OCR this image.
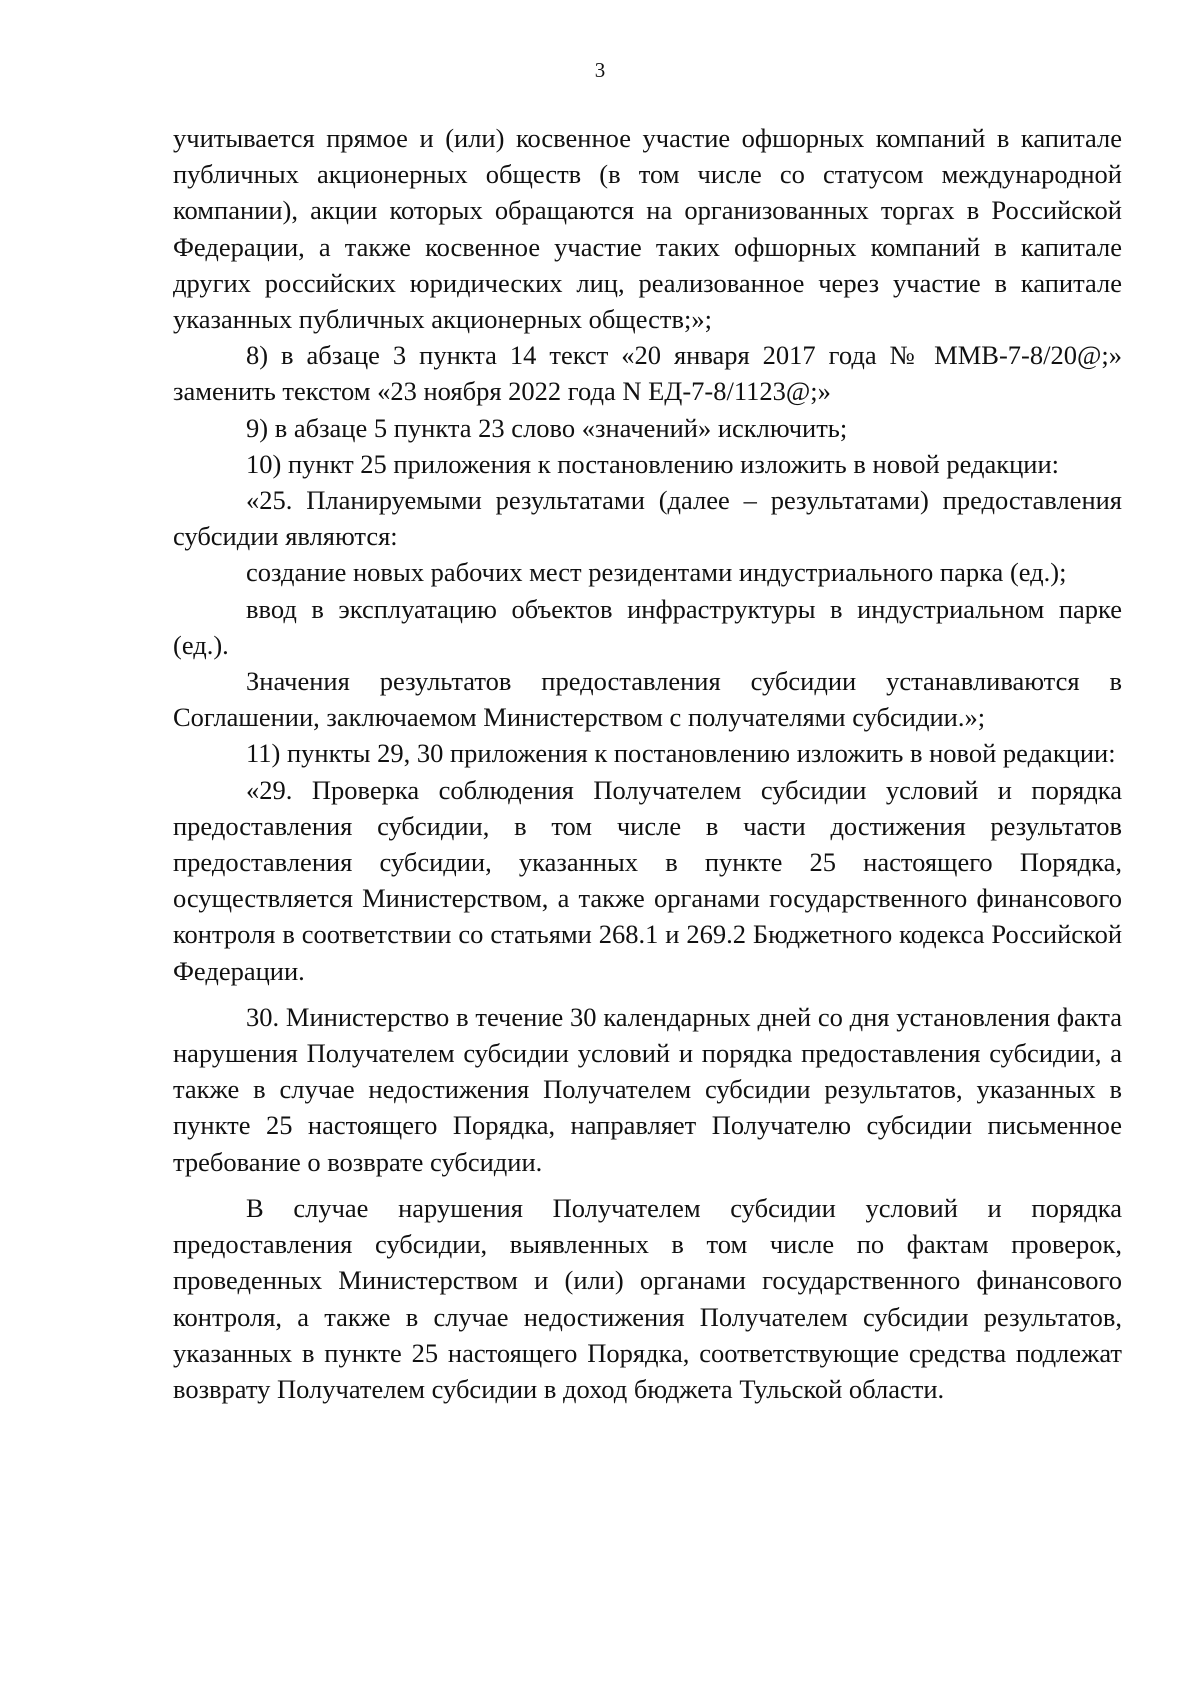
3

учитывается прямое и (или) косвенное участие офшорных компаний в капитале публичных акционерных обществ (в том числе со статусом международной компании), акции которых обращаются на организованных торгах в Российской Федерации, а также косвенное участие таких офшорных компаний в капитале других российских юридических лиц, реализованное через участие в капитале указанных публичных акционерных обществ;»;

8) в абзаце 3 пункта 14 текст «20 января 2017 года № ММВ-7-8/20@;» заменить текстом «23 ноября 2022 года N ЕД-7-8/1123@;»

9) в абзаце 5 пункта 23 слово «значений» исключить;

10) пункт 25 приложения к постановлению изложить в новой редакции:

«25. Планируемыми результатами (далее – результатами) предоставления субсидии являются:

создание новых рабочих мест резидентами индустриального парка (ед.);

ввод в эксплуатацию объектов инфраструктуры в индустриальном парке (ед.).

Значения результатов предоставления субсидии устанавливаются в Соглашении, заключаемом Министерством с получателями субсидии.»;

11) пункты 29, 30 приложения к постановлению изложить в новой редакции:

«29. Проверка соблюдения Получателем субсидии условий и порядка предоставления субсидии, в том числе в части достижения результатов предоставления субсидии, указанных в пункте 25 настоящего Порядка, осуществляется Министерством, а также органами государственного финансового контроля в соответствии со статьями 268.1 и 269.2 Бюджетного кодекса Российской Федерации.

30. Министерство в течение 30 календарных дней со дня установления факта нарушения Получателем субсидии условий и порядка предоставления субсидии, а также в случае недостижения Получателем субсидии результатов, указанных в пункте 25 настоящего Порядка, направляет Получателю субсидии письменное требование о возврате субсидии.

В случае нарушения Получателем субсидии условий и порядка предоставления субсидии, выявленных в том числе по фактам проверок, проведенных Министерством и (или) органами государственного финансового контроля, а также в случае недостижения Получателем субсидии результатов, указанных в пункте 25 настоящего Порядка, соответствующие средства подлежат возврату Получателем субсидии в доход бюджета Тульской области.
